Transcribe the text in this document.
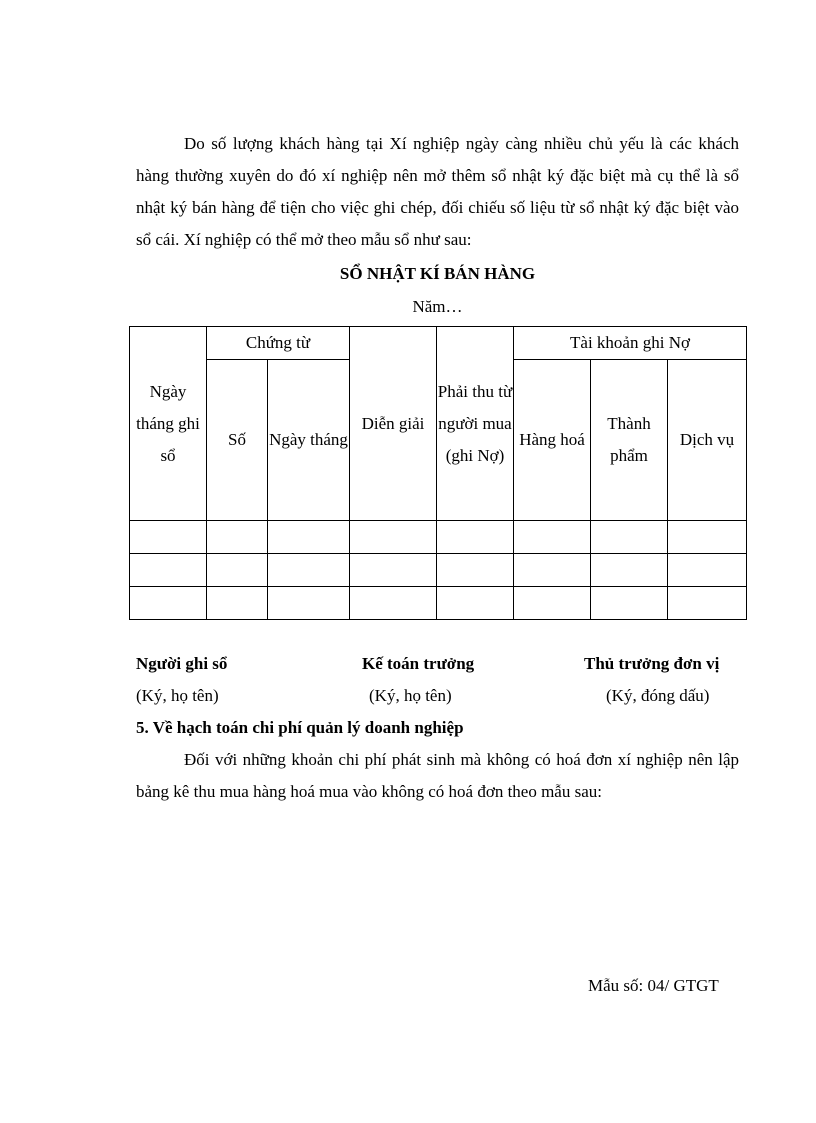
Do số lượng khách hàng tại Xí nghiệp ngày càng nhiều chủ yếu là các khách hàng thường xuyên do đó xí nghiệp nên mở thêm sổ nhật ký đặc biệt mà cụ thể là sổ nhật ký bán hàng để tiện cho việc ghi chép, đối chiếu số liệu từ sổ nhật ký đặc biệt vào sổ cái. Xí nghiệp có thể mở theo mẫu sổ như sau:

SỔ NHẬT KÍ BÁN HÀNG
Năm…
Ngày tháng ghi sổ	Chứng từ		Diễn giải	Phải thu từ người mua (ghi Nợ)	Tài khoản ghi Nợ		
	Số	Ngày tháng			Hàng hoá	Thành phẩm	Dịch vụ

Người ghi sổ
(Ký, họ tên)
Kế toán trưởng
(Ký, họ tên)
Thủ trưởng đơn vị
(Ký, đóng dấu)
5. Về hạch toán chi phí quản lý doanh nghiệp

Đối với những khoản chi phí phát sinh mà không có hoá đơn xí nghiệp nên lập bảng kê thu mua hàng hoá mua vào không có hoá đơn theo mẫu sau:

Mẫu số: 04/ GTGT
